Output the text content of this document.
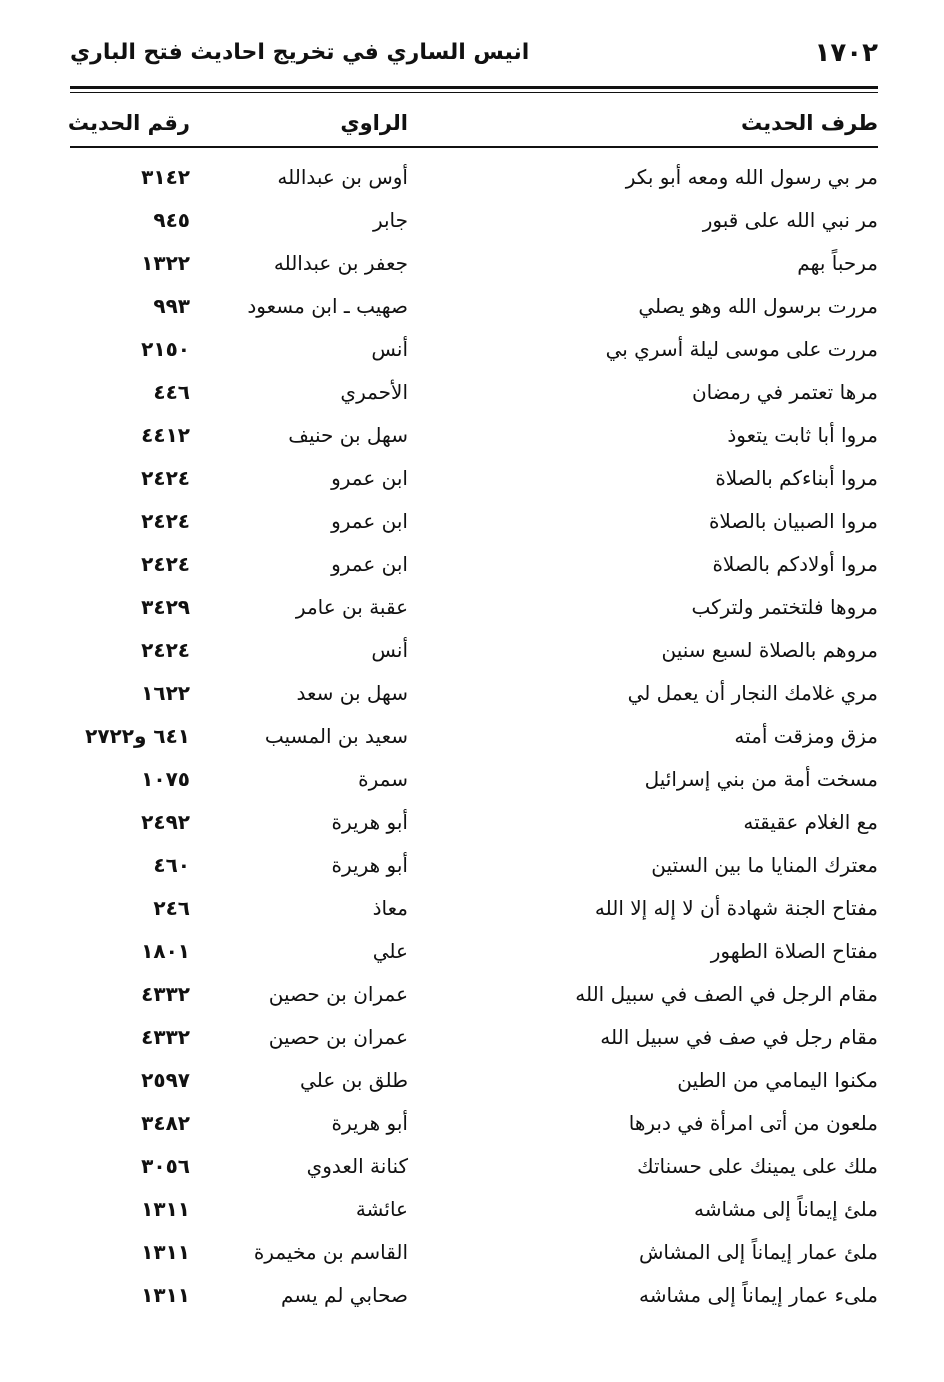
١٧٠٢
انيس الساري في تخريج احاديث فتح الباري
طرف الحديث
الراوي
رقم الحديث
مر بي رسول الله ومعه أبو بكر
أوس بن عبدالله
٣١٤٢
مر نبي الله على قبور
جابر
٩٤٥
مرحباً بهم
جعفر بن عبدالله
١٣٢٢
مررت برسول الله وهو يصلي
صهيب ـ ابن مسعود
٩٩٣
مررت على موسى ليلة أسري بي
أنس
٢١٥٠
مرها تعتمر في رمضان
الأحمري
٤٤٦
مروا أبا ثابت يتعوذ
سهل بن حنيف
٤٤١٢
مروا أبناءكم بالصلاة
ابن عمرو
٢٤٢٤
مروا الصبيان بالصلاة
ابن عمرو
٢٤٢٤
مروا أولادكم بالصلاة
ابن عمرو
٢٤٢٤
مروها فلتختمر ولتركب
عقبة بن عامر
٣٤٢٩
مروهم بالصلاة لسبع سنين
أنس
٢٤٢٤
مري غلامك النجار أن يعمل لي
سهل بن سعد
١٦٢٢
مزق ومزقت أمته
سعيد بن المسيب
٦٤١ و٢٧٢٢
مسخت أمة من بني إسرائيل
سمرة
١٠٧٥
مع الغلام عقيقته
أبو هريرة
٢٤٩٢
معترك المنايا ما بين الستين
أبو هريرة
٤٦٠
مفتاح الجنة شهادة أن لا إله إلا الله
معاذ
٢٤٦
مفتاح الصلاة الطهور
علي
١٨٠١
مقام الرجل في الصف في سبيل الله
عمران بن حصين
٤٣٣٢
مقام رجل في صف في سبيل الله
عمران بن حصين
٤٣٣٢
مكنوا اليمامي من الطين
طلق بن علي
٢٥٩٧
ملعون من أتى امرأة في دبرها
أبو هريرة
٣٤٨٢
ملك على يمينك على حسناتك
كنانة العدوي
٣٠٥٦
ملئ إيماناً إلى مشاشه
عائشة
١٣١١
ملئ عمار إيماناً إلى المشاش
القاسم بن مخيمرة
١٣١١
ملىء عمار إيماناً إلى مشاشه
صحابي لم يسم
١٣١١
